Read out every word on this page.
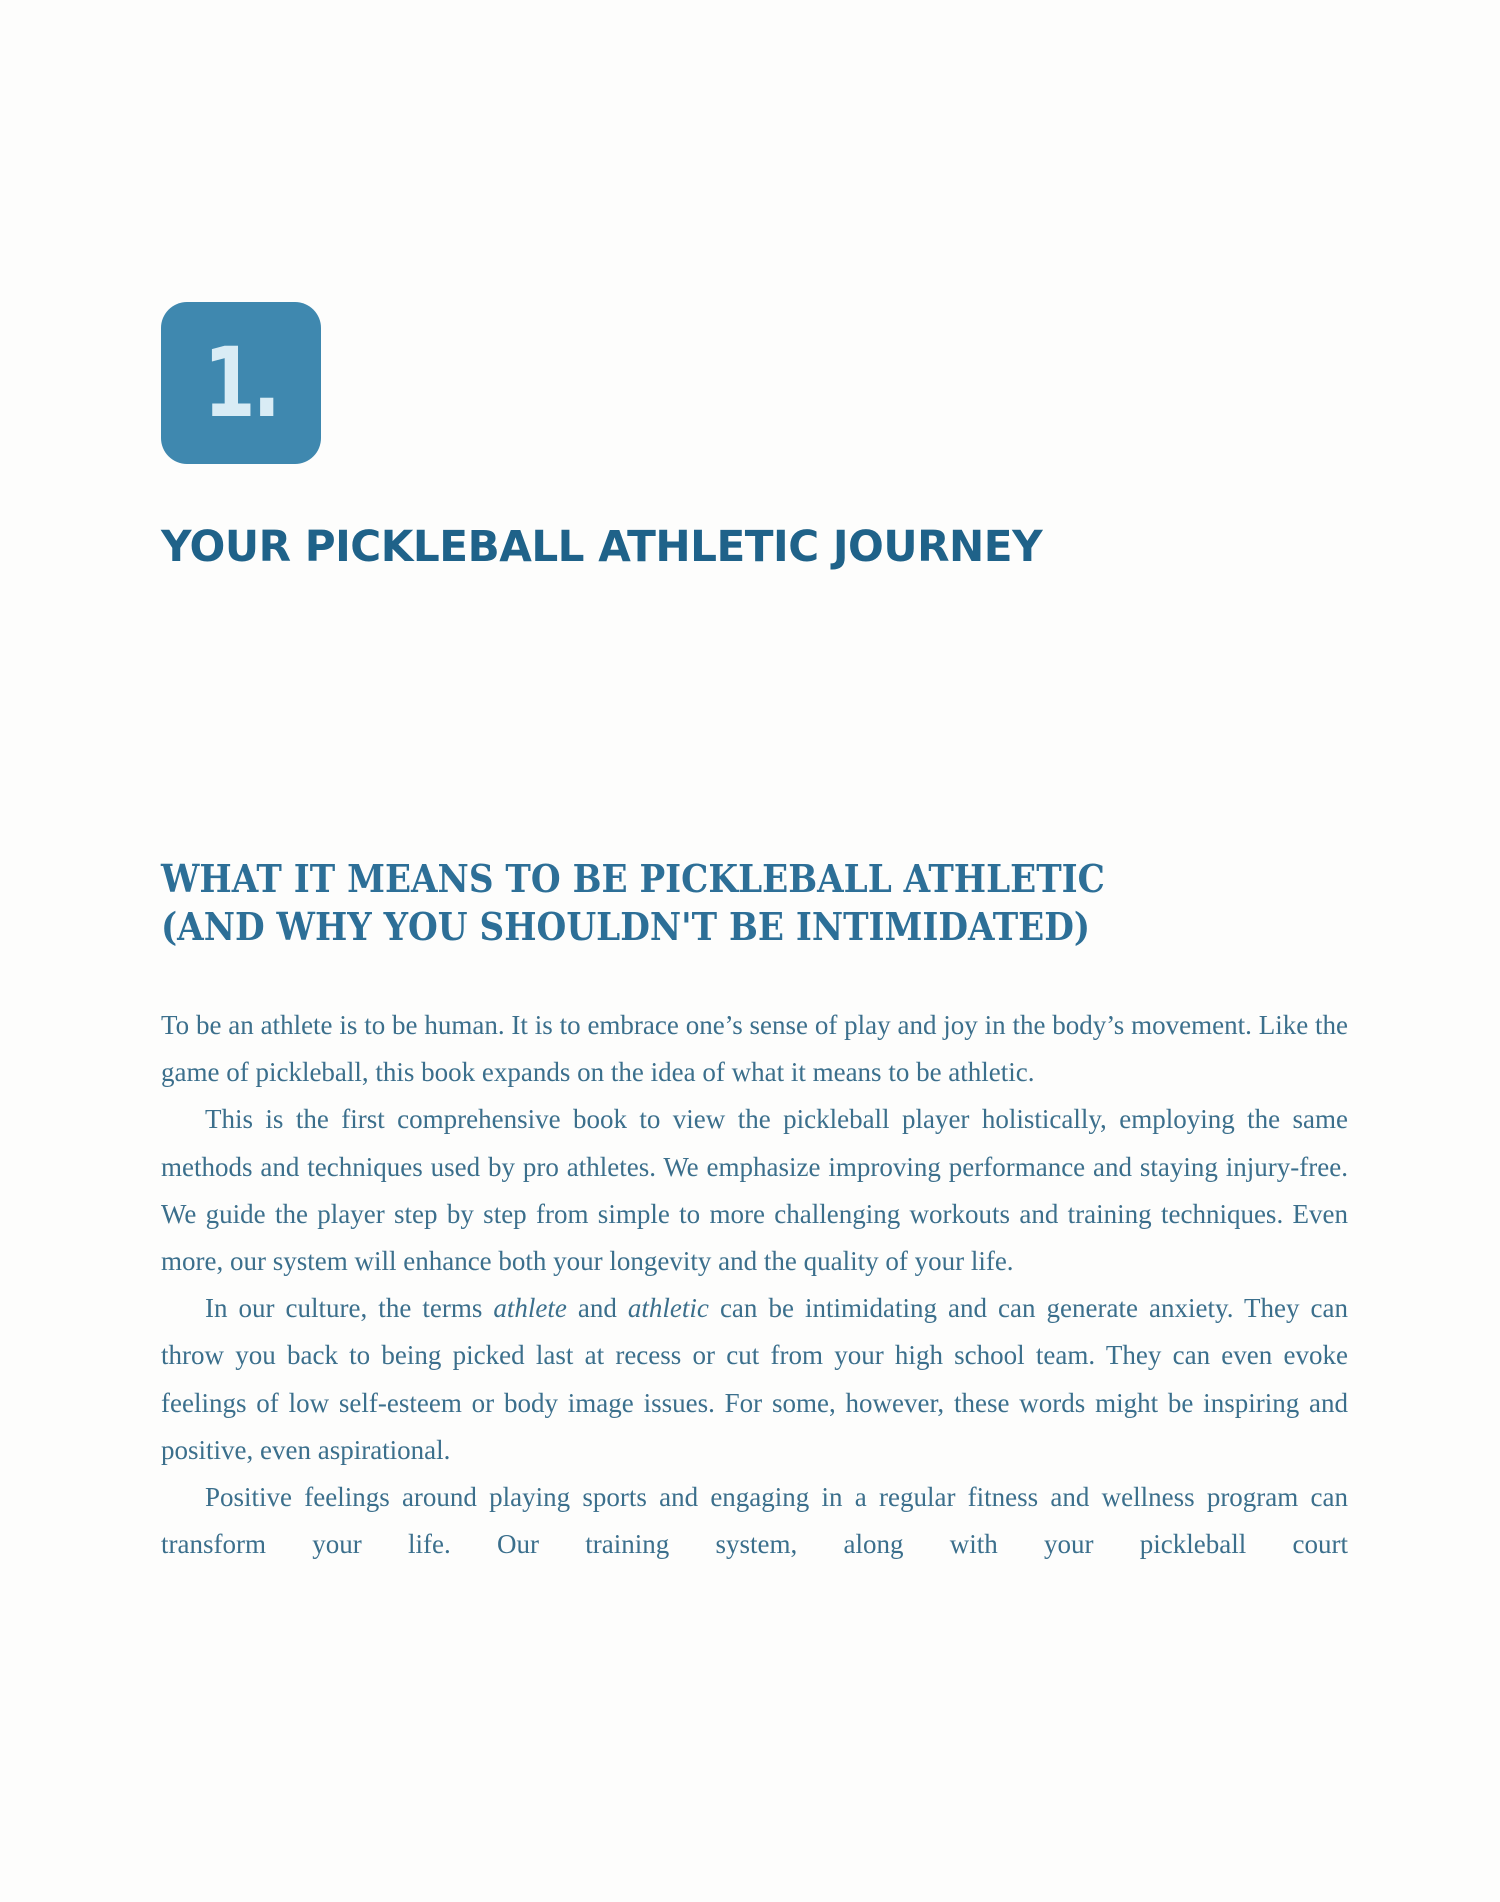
1.
YOUR PICKLEBALL ATHLETIC JOURNEY
WHAT IT MEANS TO BE PICKLEBALL ATHLETIC
(AND WHY YOU SHOULDN'T BE INTIMIDATED)

To be an athlete is to be human. It is to embrace one’s sense of play and joy in the body’s movement. Like the game of pickleball, this book expands on the idea of what it means to be athletic.

This is the first comprehensive book to view the pickleball player holistically, employing the same methods and techniques used by pro athletes. We emphasize improving performance and staying injury-free. We guide the player step by step from simple to more challenging workouts and training techniques. Even more, our system will enhance both your longevity and the quality of your life.

In our culture, the terms athlete and athletic can be intimidating and can generate anxiety. They can throw you back to being picked last at recess or cut from your high school team. They can even evoke feelings of low self-esteem or body image issues. For some, however, these words might be inspiring and positive, even aspirational.

Positive feelings around playing sports and engaging in a regular fitness and wellness program can transform your life. Our training system, along with your pickleball court
